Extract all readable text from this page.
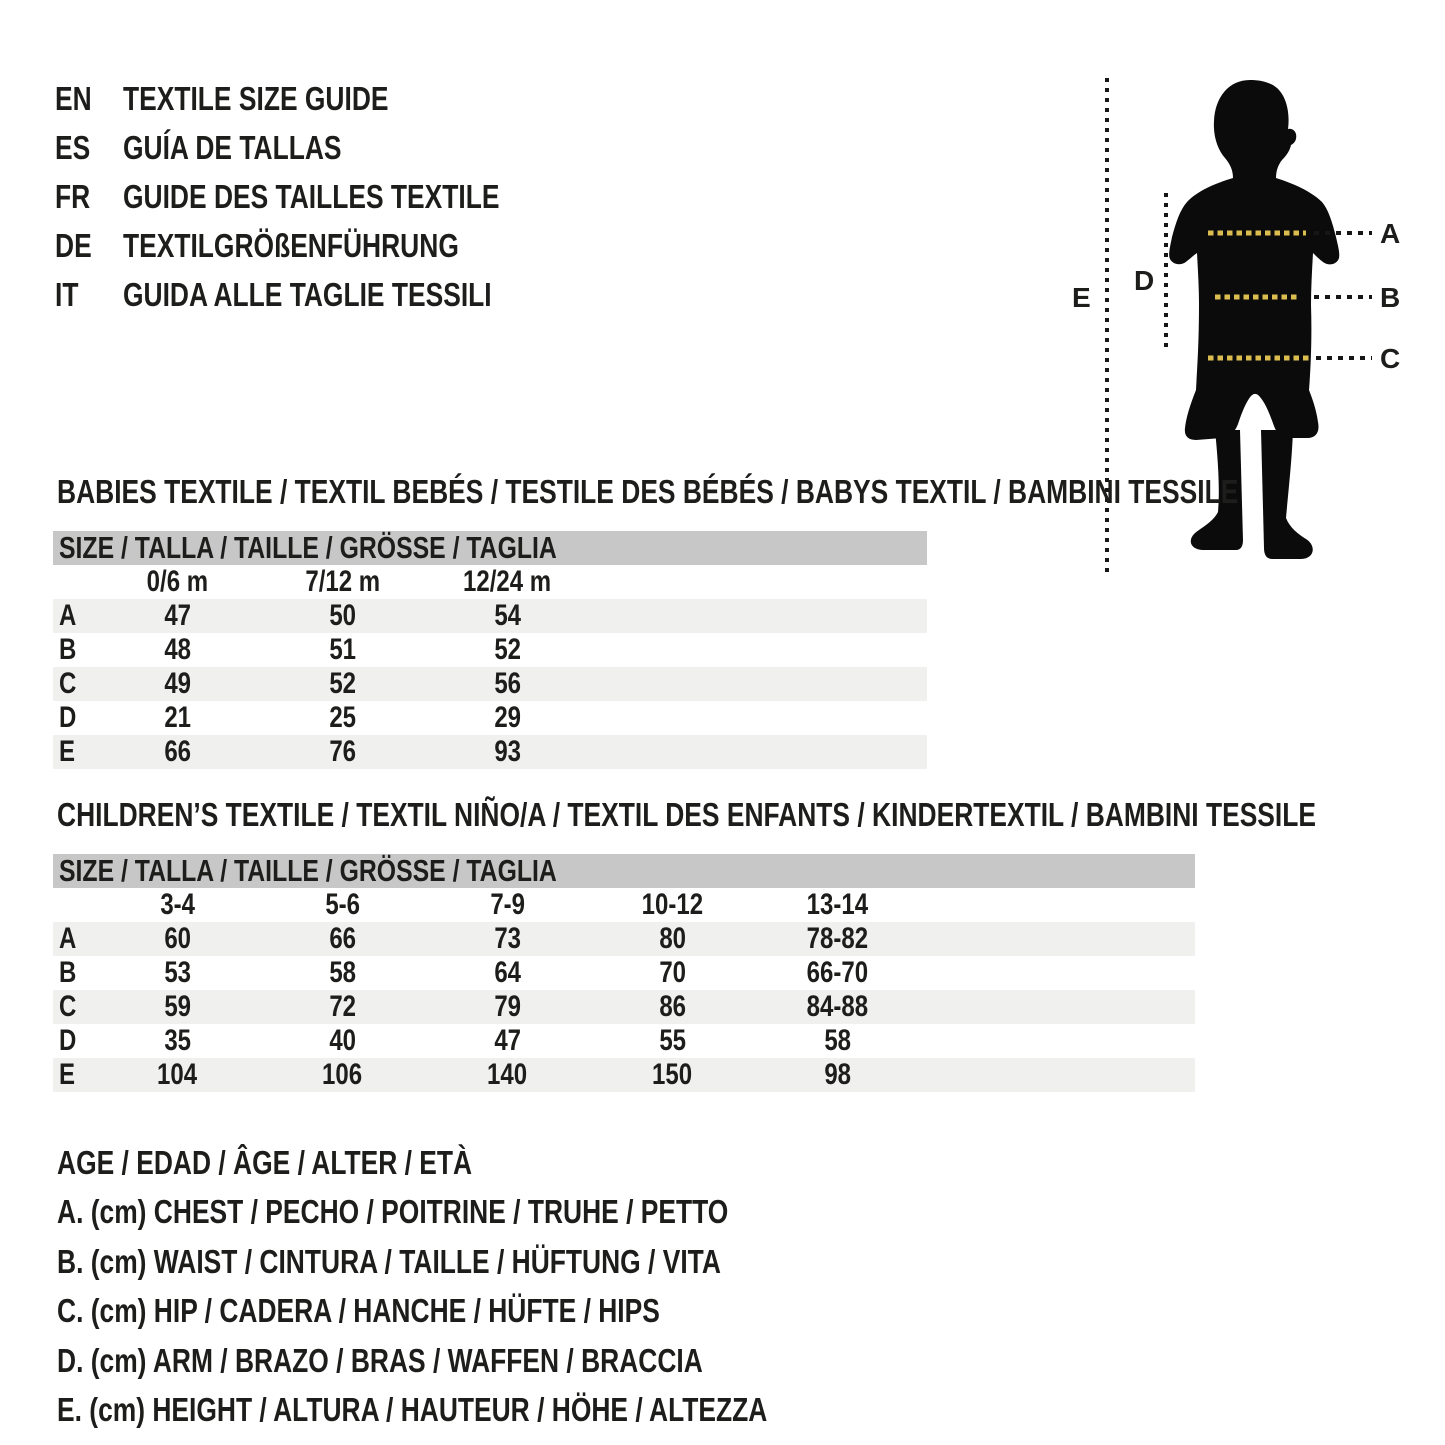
EN TEXTILE SIZE GUIDE
ES GUÍA DE TALLAS
FR GUIDE DES TAILLES TEXTILE
DE TEXTILGRÖßENFÜHRUNG
IT	GUIDA ALLE TAGLIE TESSILI	E
D
A
B
C
BABIES TEXTILE / TEXTIL BEBÉS / TESTILE DES BÉBÉS / BABYS TEXTIL / BAMBINI TESSILE
SIZE / TALLA / TAILLE / GRÖSSE / TAGLIA
0/6 m	7/12 m	12/24 m
A	47	50	54
B	48	51	52
C	49	52	56
D	21	25	29
E	66	76	93
CHILDREN’S TEXTILE / TEXTIL NIÑO/A / TEXTIL DES ENFANTS / KINDERTEXTIL / BAMBINI TESSILE
SIZE / TALLA / TAILLE / GRÖSSE / TAGLIA
3-4	5-6	7-9	10-12	13-14
A	60	66	73	80	78-82
B	53	58	64	70	66-70
C	59	72	79	86	84-88
D	35	40	47	55	58
E	104	106	140	150	98
AGE / EDAD / ÂGE / ALTER / ETÀ
A. (cm) CHEST / PECHO / POITRINE / TRUHE / PETTO
B. (cm) WAIST / CINTURA / TAILLE / HÜFTUNG / VITA
C. (cm) HIP / CADERA / HANCHE / HÜFTE / HIPS
D. (cm) ARM / BRAZO / BRAS / WAFFEN / BRACCIA
E. (cm) HEIGHT / ALTURA / HAUTEUR / HÖHE / ALTEZZA
